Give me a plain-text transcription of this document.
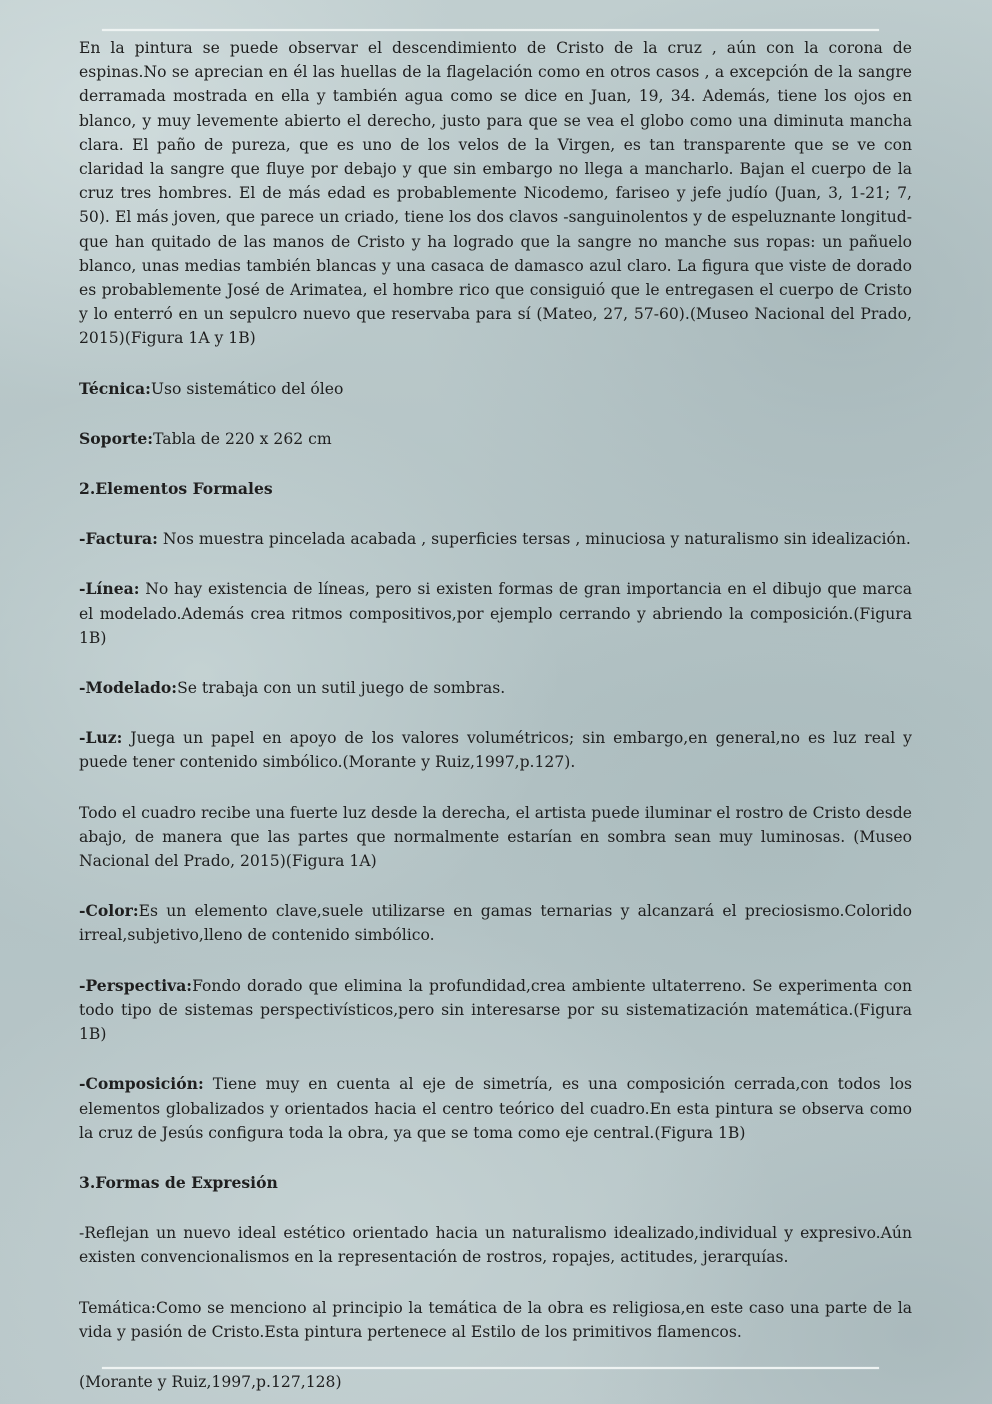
En la pintura se puede observar el descendimiento de Cristo de la cruz , aún con la corona de espinas.No se aprecian en él las huellas de la flagelación como en otros casos , a excepción de la sangre derramada mostrada en ella y también agua como se dice en Juan, 19, 34. Además, tiene los ojos en blanco, y muy levemente abierto el derecho, justo para que se vea el globo como una diminuta mancha clara. El paño de pureza, que es uno de los velos de la Virgen, es tan transparente que se ve con claridad la sangre que fluye por debajo y que sin embargo no llega a mancharlo. Bajan el cuerpo de la cruz tres hombres. El de más edad es probablemente Nicodemo, fariseo y jefe judío (Juan, 3, 1-21; 7, 50). El más joven, que parece un criado, tiene los dos clavos -sanguinolentos y de espeluznante longitud- que han quitado de las manos de Cristo y ha logrado que la sangre no manche sus ropas: un pañuelo blanco, unas medias también blancas y una casaca de damasco azul claro. La figura que viste de dorado es probablemente José de Arimatea, el hombre rico que consiguió que le entregasen el cuerpo de Cristo y lo enterró en un sepulcro nuevo que reservaba para sí (Mateo, 27, 57-60).(Museo Nacional del Prado, 2015)(Figura 1A y 1B)

Técnica:Uso sistemático del óleo

Soporte:Tabla de 220 x 262 cm

2.Elementos Formales

-Factura: Nos muestra pincelada acabada , superficies tersas , minuciosa y naturalismo sin idealización.

-Línea: No hay existencia de líneas, pero si existen formas de gran importancia en el dibujo que marca el modelado.Además crea ritmos compositivos,por ejemplo cerrando y abriendo la composición.(Figura 1B)

-Modelado:Se trabaja con un sutil juego de sombras.

-Luz: Juega un papel en apoyo de los valores volumétricos; sin embargo,en general,no es luz real y puede tener contenido simbólico.(Morante y Ruiz,1997,p.127).

Todo el cuadro recibe una fuerte luz desde la derecha, el artista puede iluminar el rostro de Cristo desde abajo, de manera que las partes que normalmente estarían en sombra sean muy luminosas. (Museo Nacional del Prado, 2015)(Figura 1A)

-Color:Es un elemento clave,suele utilizarse en gamas ternarias y alcanzará el preciosismo.Colorido irreal,subjetivo,lleno de contenido simbólico.

-Perspectiva:Fondo dorado que elimina la profundidad,crea ambiente ultaterreno. Se experimenta con todo tipo de sistemas perspectivísticos,pero sin interesarse por su sistematización matemática.(Figura 1B)

-Composición: Tiene muy en cuenta al eje de simetría, es una composición cerrada,con todos los elementos globalizados y orientados hacia el centro teórico del cuadro.En esta pintura se observa como la cruz de Jesús configura toda la obra, ya que se toma como eje central.(Figura 1B)

3.Formas de Expresión

-Reflejan un nuevo ideal estético orientado hacia un naturalismo idealizado,individual y expresivo.Aún existen convencionalismos en la representación de rostros, ropajes, actitudes, jerarquías.

Temática:Como se menciono al principio la temática de la obra es religiosa,en este caso una parte de la vida y pasión de Cristo.Esta pintura pertenece al Estilo de los primitivos flamencos.

(Morante y Ruiz,1997,p.127,128)
